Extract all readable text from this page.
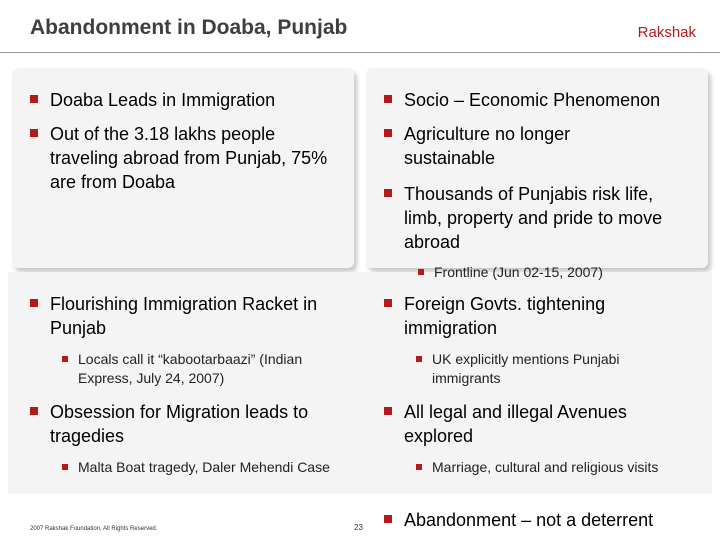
Abandonment in Doaba, Punjab	Rakshak
Doaba Leads in Immigration
Out of the 3.18 lakhs people traveling abroad from Punjab, 75% are from Doaba
Socio – Economic Phenomenon
Agriculture no longer sustainable
Thousands of Punjabis risk life, limb, property and pride to move abroad
Frontline (Jun 02-15, 2007)
Flourishing Immigration Racket in Punjab
Locals call it “kabootarbaazi” (Indian Express, July 24, 2007)
Obsession for Migration leads to tragedies
Malta Boat tragedy, Daler Mehendi Case
Foreign Govts. tightening immigration
UK explicitly mentions Punjabi immigrants
All legal and illegal Avenues explored
Marriage, cultural and religious visits
Abandonment – not a deterrent
2007 Rakshak Foundation. All Rights Reserved.	23
